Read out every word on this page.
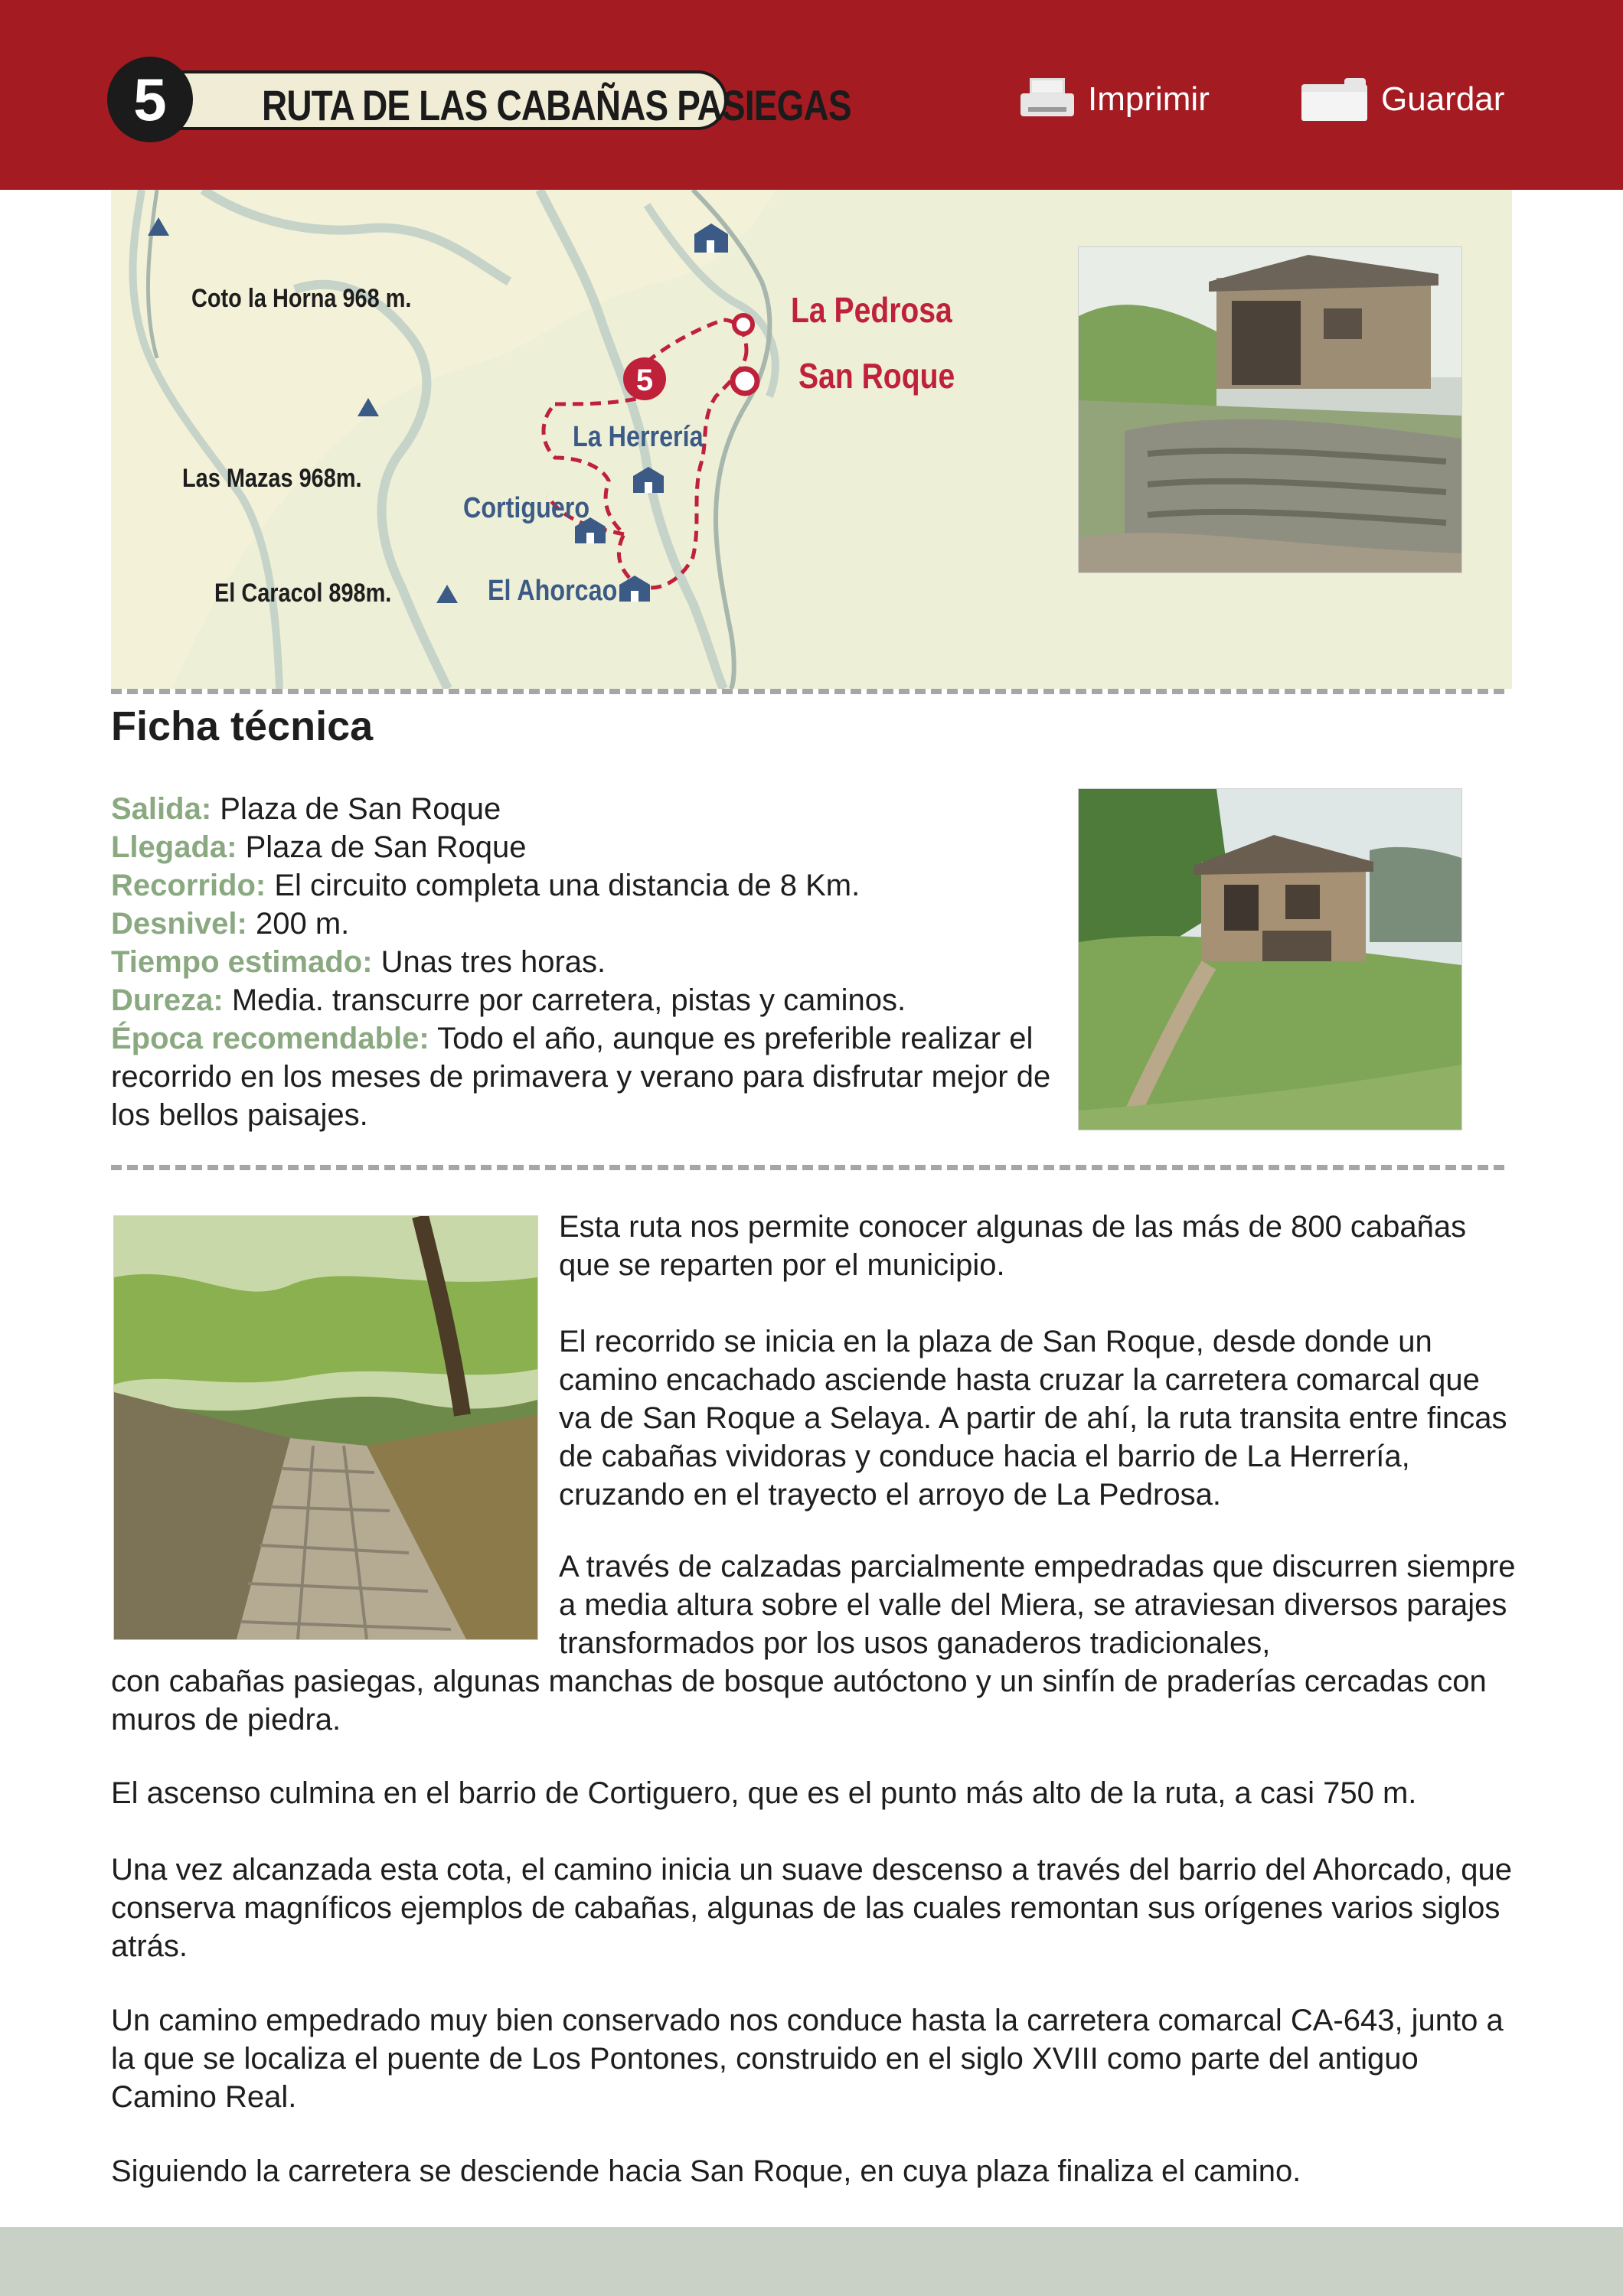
RUTA DE LAS CABAÑAS PASIEGAS
5	Imprimir	Guardar
5
Coto la Horna 968 m.
Las Mazas 968m.
El Caracol 898m.
La Herrería
Cortiguero
El Ahorcao
La Pedrosa
San Roque
Ficha técnica

Salida: Plaza de San Roque

Llegada: Plaza de San Roque

Recorrido: El circuito completa una distancia de 8 Km.

Desnivel: 200 m.

Tiempo estimado: Unas tres horas.

Dureza: Media. transcurre por carretera, pistas y caminos.

Época recomendable: Todo el año, aunque es preferible realizar el recorrido en los meses de primavera y verano para disfrutar mejor de los bellos paisajes.

Esta ruta nos permite conocer algunas de las más de 800 cabañas que se reparten por el municipio.

El recorrido se inicia en la plaza de San Roque, desde donde un camino encachado asciende hasta cruzar la carretera comarcal que va de San Roque a Selaya. A partir de ahí, la ruta transita entre fincas de cabañas vividoras y conduce hacia el barrio de La Herrería, cruzando en el trayecto el arroyo de La Pedrosa.

A través de calzadas parcialmente empedradas que discurren siempre a media altura sobre el valle del Miera, se atraviesan diversos parajes transformados por los usos ganaderos tradicionales,

con cabañas pasiegas, algunas manchas de bosque autóctono y un sinfín de praderías cercadas con muros de piedra.

El ascenso culmina en el barrio de Cortiguero, que es el punto más alto de la ruta, a casi 750 m.

Una vez alcanzada esta cota, el camino inicia un suave descenso a través del barrio del Ahorcado, que conserva magníficos ejemplos de cabañas, algunas de las cuales remontan sus orígenes varios siglos atrás.

Un camino empedrado muy bien conservado nos conduce hasta la carretera comarcal CA-643, junto a la que se localiza el puente de Los Pontones, construido en el siglo XVIII como parte del antiguo Camino Real.

Siguiendo la carretera se desciende hacia San Roque, en cuya plaza finaliza el camino.
